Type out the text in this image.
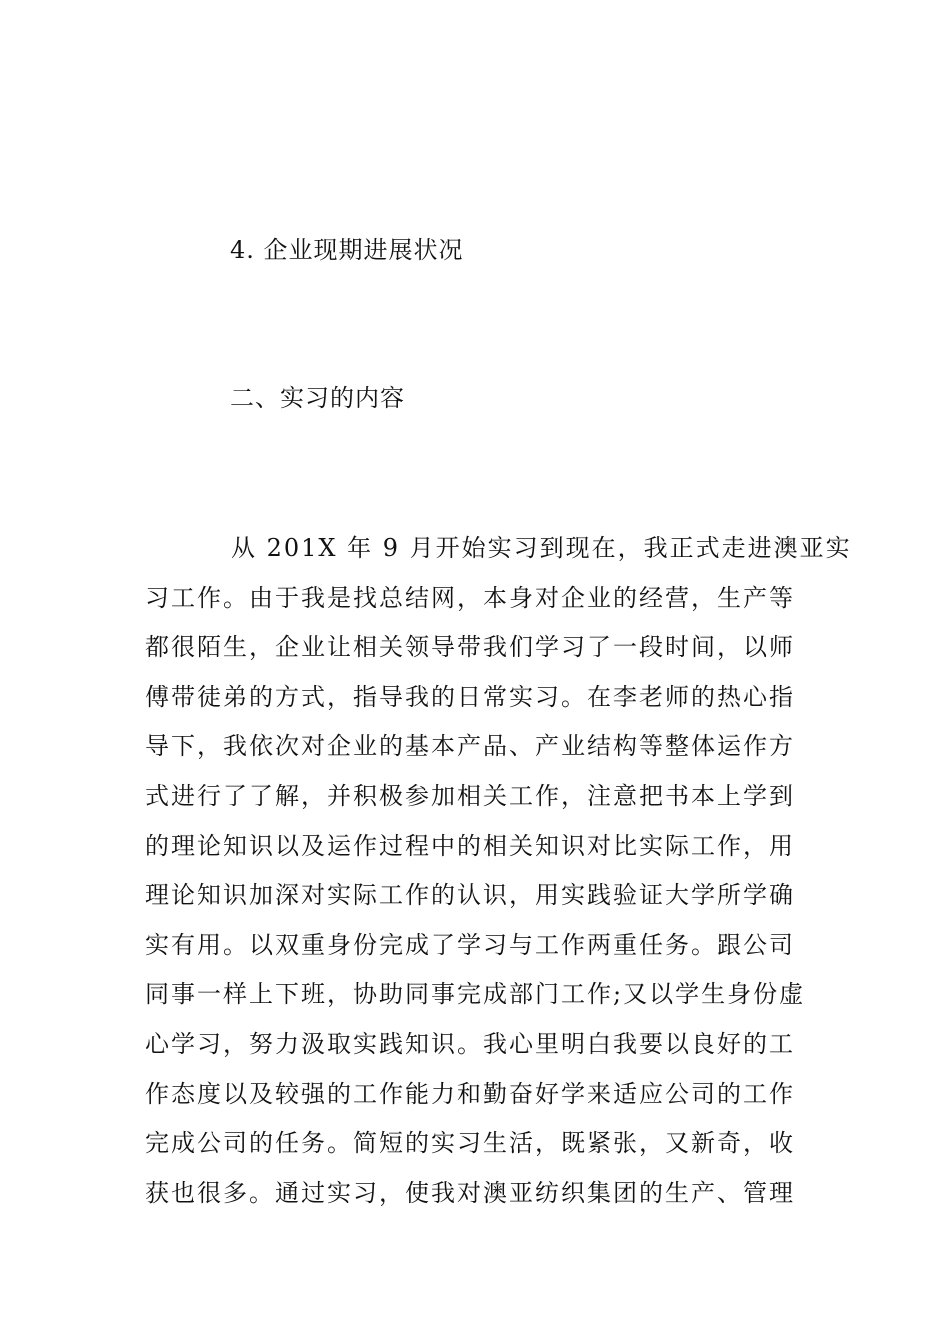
4. 企业现期进展状况
二、实习的内容
从 201X 年 9 月开始实习到现在，我正式走进澳亚实
习工作。由于我是找总结网，本身对企业的经营，生产等
都很陌生，企业让相关领导带我们学习了一段时间，以师
傅带徒弟的方式，指导我的日常实习。在李老师的热心指
导下，我依次对企业的基本产品、产业结构等整体运作方
式进行了了解，并积极参加相关工作，注意把书本上学到
的理论知识以及运作过程中的相关知识对比实际工作，用
理论知识加深对实际工作的认识，用实践验证大学所学确
实有用。以双重身份完成了学习与工作两重任务。跟公司
同事一样上下班，协助同事完成部门工作;又以学生身份虚
心学习，努力汲取实践知识。我心里明白我要以良好的工
作态度以及较强的工作能力和勤奋好学来适应公司的工作
完成公司的任务。简短的实习生活，既紧张，又新奇，收
获也很多。通过实习，使我对澳亚纺织集团的生产、管理
